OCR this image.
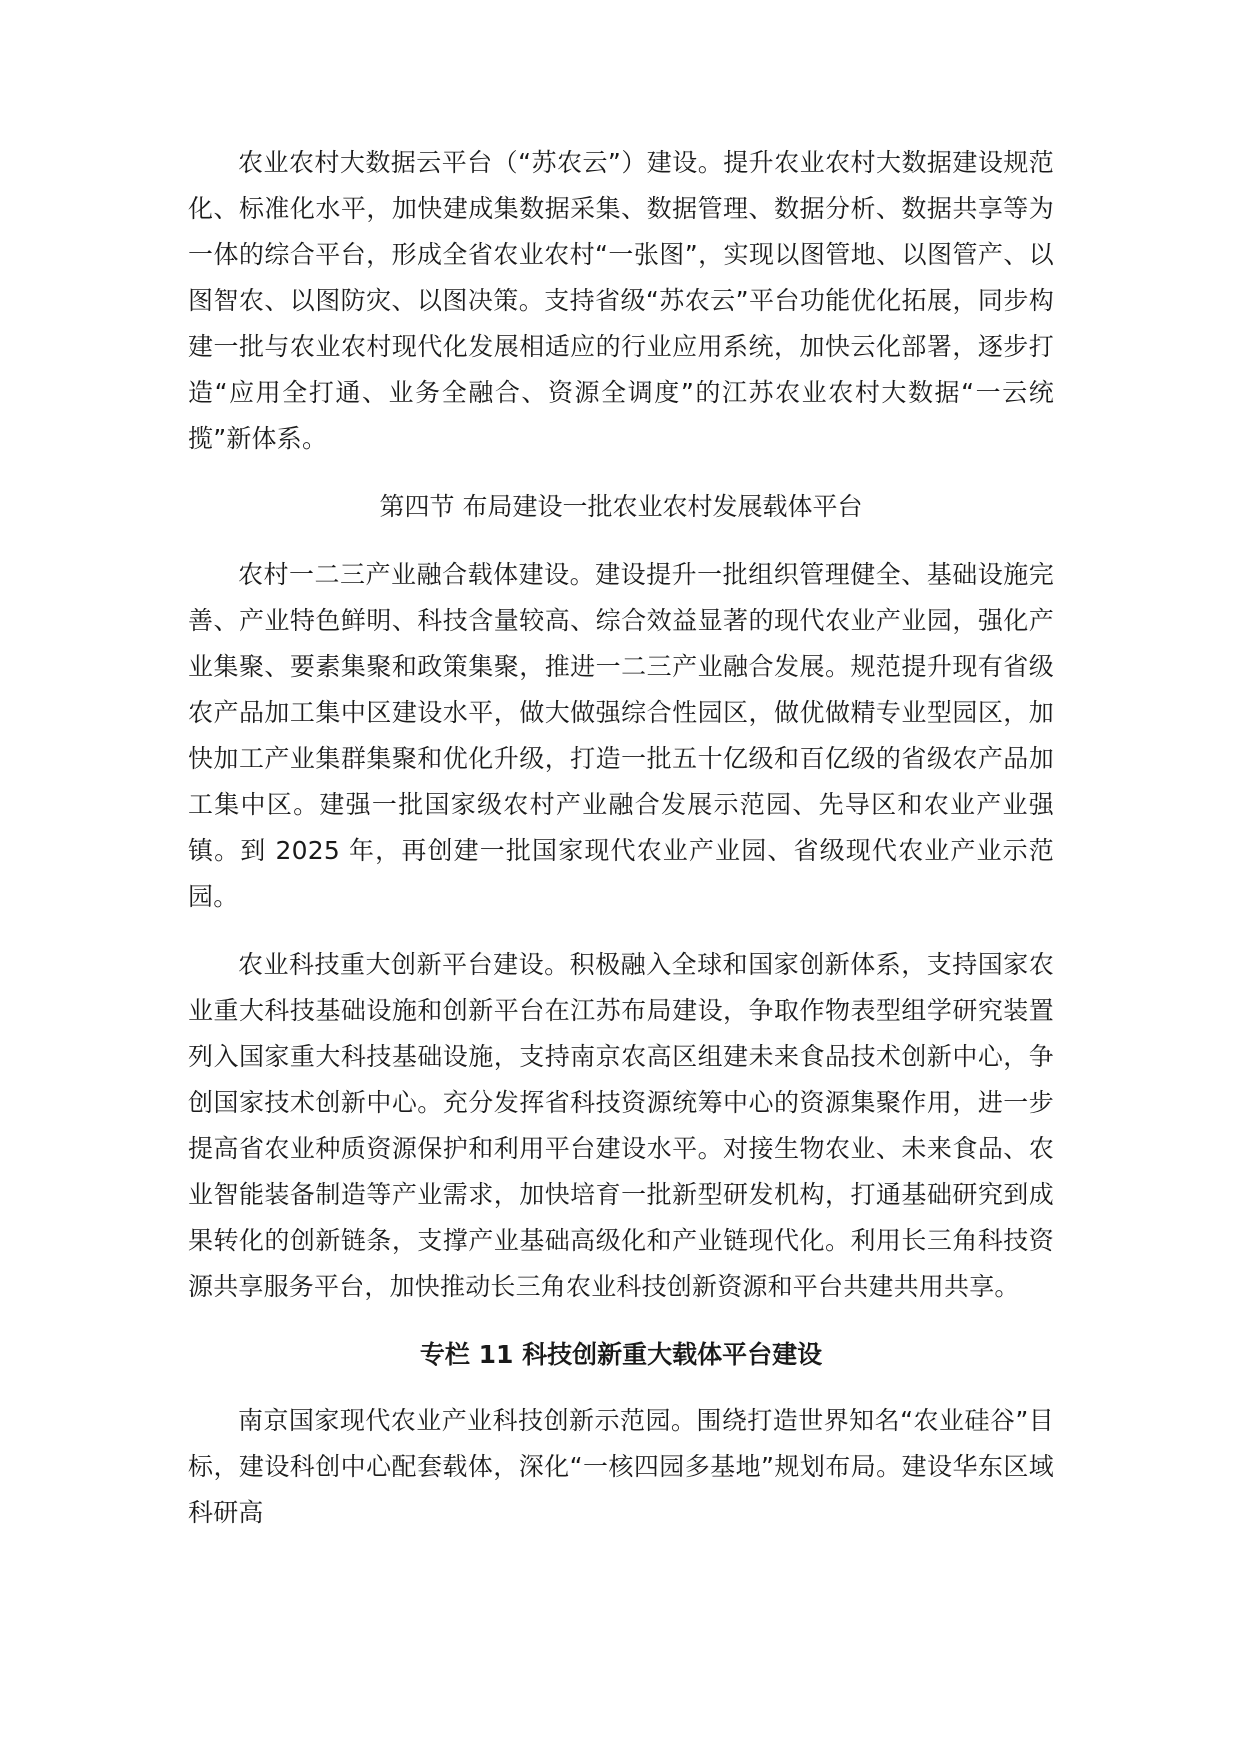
农业农村大数据云平台（“苏农云”）建设。提升农业农村大数据建设规范化、标准化水平，加快建成集数据采集、数据管理、数据分析、数据共享等为一体的综合平台，形成全省农业农村“一张图”，实现以图管地、以图管产、以图智农、以图防灾、以图决策。支持省级“苏农云”平台功能优化拓展，同步构建一批与农业农村现代化发展相适应的行业应用系统，加快云化部署，逐步打造“应用全打通、业务全融合、资源全调度”的江苏农业农村大数据“一云统揽”新体系。

第四节 布局建设一批农业农村发展载体平台

农村一二三产业融合载体建设。建设提升一批组织管理健全、基础设施完善、产业特色鲜明、科技含量较高、综合效益显著的现代农业产业园，强化产业集聚、要素集聚和政策集聚，推进一二三产业融合发展。规范提升现有省级农产品加工集中区建设水平，做大做强综合性园区，做优做精专业型园区，加快加工产业集群集聚和优化升级，打造一批五十亿级和百亿级的省级农产品加工集中区。建强一批国家级农村产业融合发展示范园、先导区和农业产业强镇。到 2025 年，再创建一批国家现代农业产业园、省级现代农业产业示范园。

农业科技重大创新平台建设。积极融入全球和国家创新体系，支持国家农业重大科技基础设施和创新平台在江苏布局建设，争取作物表型组学研究装置列入国家重大科技基础设施，支持南京农高区组建未来食品技术创新中心，争创国家技术创新中心。充分发挥省科技资源统筹中心的资源集聚作用，进一步提高省农业种质资源保护和利用平台建设水平。对接生物农业、未来食品、农业智能装备制造等产业需求，加快培育一批新型研发机构，打通基础研究到成果转化的创新链条，支撑产业基础高级化和产业链现代化。利用长三角科技资源共享服务平台，加快推动长三角农业科技创新资源和平台共建共用共享。

专栏 11 科技创新重大载体平台建设

南京国家现代农业产业科技创新示范园。围绕打造世界知名“农业硅谷”目标，建设科创中心配套载体，深化“一核四园多基地”规划布局。建设华东区域科研高
